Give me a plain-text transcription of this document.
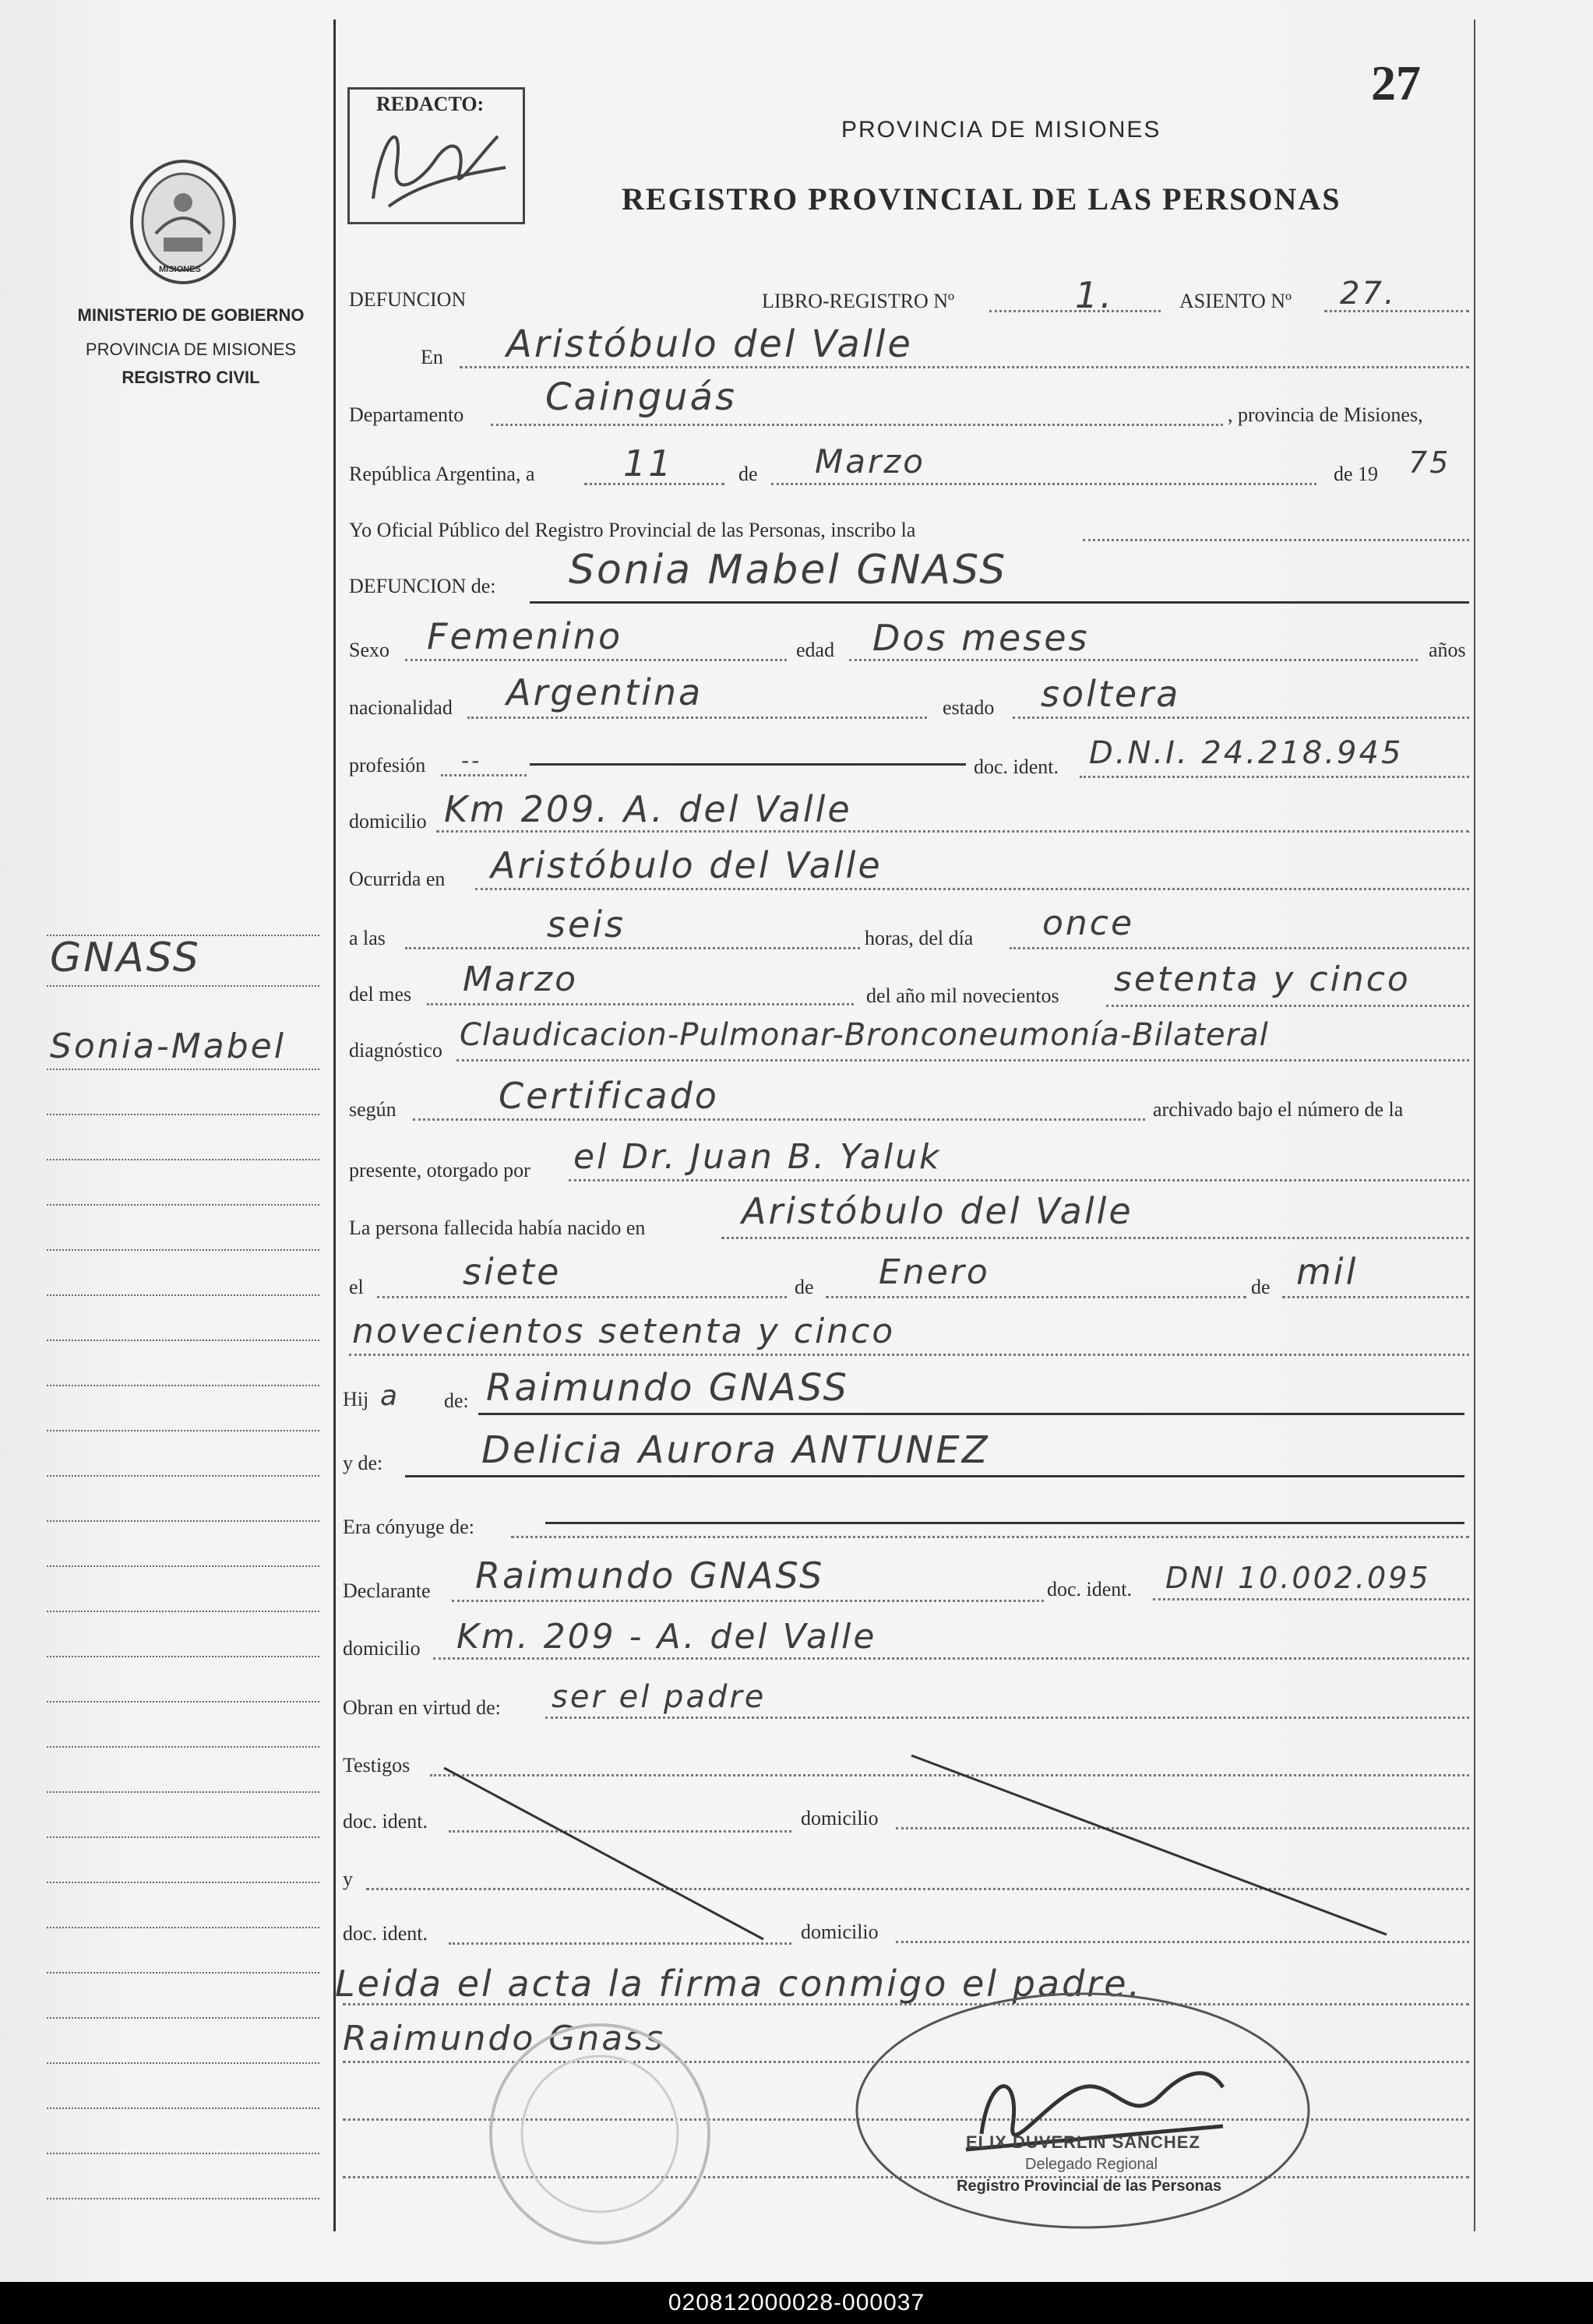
27
REDACTO:
PROVINCIA DE MISIONES
REGISTRO PROVINCIAL DE LAS PERSONAS
MISIONES
MINISTERIO DE GOBIERNO
PROVINCIA DE MISIONES
REGISTRO CIVIL
GNASS
Sonia-Mabel
DEFUNCION	LIBRO-REGISTRO Nº	1.	ASIENTO Nº 27.
En Aristóbulo del Valle
Departamento Cainguás	, provincia de Misiones,
República Argentina, a 11	de Marzo	de 19 75
Yo Oficial Público del Registro Provincial de las Personas, inscribo la
DEFUNCION de: Sonia Mabel GNASS
Sexo Femenino	edad Dos meses	años
nacionalidad Argentina	estado soltera
profesión --	doc. ident. D.N.I. 24.218.945
domicilio Km 209. A. del Valle
Ocurrida en Aristóbulo del Valle
a las	seis	horas, del día once
del mes Marzo	del año mil novecientos setenta y cinco
diagnóstico Claudicacion-Pulmonar-Bronconeumonía-Bilateral
según	Certificado	archivado bajo el número de la
presente, otorgado por el Dr. Juan B. Yaluk
La persona fallecida había nacido en	Aristóbulo del Valle
el	siete	de Enero	de mil
novecientos setenta y cinco
Hij a de: Raimundo GNASS
y de:	Delicia Aurora ANTUNEZ
Era cónyuge de:
Declarante Raimundo GNASS	doc. ident. DNI 10.002.095
domicilio Km. 209 - A. del Valle
Obran en virtud de: ser el padre
Testigos
doc. ident.	domicilio
y
doc. ident.	domicilio
Leida el acta la firma conmigo el padre.
Raimundo Gnass
ELIX DUVERLIN SANCHEZ
Delegado Regional
Registro Provincial de las Personas
020812000028-000037
